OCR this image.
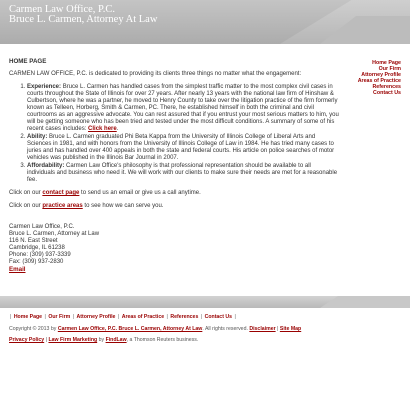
Carmen Law Office, P.C.
Bruce L. Carmen, Attorney At Law
HOME PAGE
CARMEN LAW OFFICE, P.C. is dedicated to providing its clients three things no matter what the engagement:
1. Experience: Bruce L. Carmen has handled cases from the simplest traffic matter to the most complex civil cases in courts throughout the State of Illinois for over 27 years. After nearly 13 years with the national law firm of Hinshaw & Culbertson, where he was a partner, he moved to Henry County to take over the litigation practice of the firm formerly known as Telleen, Horberg, Smith & Carmen, PC. There, he established himself in both the criminal and civil courtrooms as an aggressive advocate. You can rest assured that if you entrust your most serious matters to him, you will be getting someone who has been tried and tested under the most difficult conditions. A summary of some of his recent cases includes: Click here.
2. Ability: Bruce L. Carmen graduated Phi Beta Kappa from the University of Illinois College of Liberal Arts and Sciences in 1981, and with honors from the University of Illinois College of Law in 1984. He has tried many cases to juries and has handled over 400 appeals in both the state and federal courts. His article on police searches of motor vehicles was published in the Illinois Bar Journal in 2007.
3. Affordability: Carmen Law Office's philosophy is that professional representation should be available to all individuals and business who need it. We will work with our clients to make sure their needs are met for a reasonable fee.
Click on our contact page to send us an email or give us a call anytime.
Click on our practice areas to see how we can serve you.
Carmen Law Office, P.C.
Bruce L. Carmen, Attorney at Law
116 N. East Street
Cambridge, IL 61238
Phone: (309) 937-3339
Fax: (309) 937-2830
Email
Home Page
Our Firm
Attorney Profile
Areas of Practice
References
Contact Us
| Home Page | Our Firm | Attorney Profile | Areas of Practice | References | Contact Us |
Copyright © 2013 by Carmen Law Office, P.C. Bruce L. Carmen, Attorney At Law. All rights reserved. Disclaimer | Site Map
Privacy Policy | Law Firm Marketing by FindLaw, a Thomson Reuters business.
